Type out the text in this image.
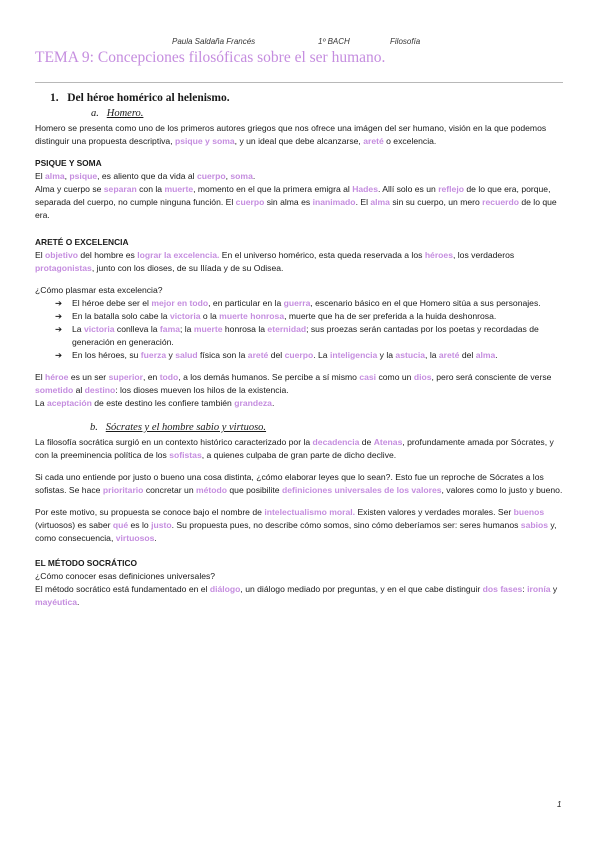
Paula Saldaña Francés	1º BACH	Filosofía
TEMA 9: Concepciones filosóficas sobre el ser humano.
1. Del héroe homérico al helenismo.
a. Homero.

Homero se presenta como uno de los primeros autores griegos que nos ofrece una imágen del ser humano, visión en la que podemos distinguir una propuesta descriptiva, psique y soma, y un ideal que debe alcanzarse, areté o excelencia.

PSIQUE Y SOMA

El alma, psique, es aliento que da vida al cuerpo, soma.

Alma y cuerpo se separan con la muerte, momento en el que la primera emigra al Hades. Allí solo es un reflejo de lo que era, porque, separada del cuerpo, no cumple ninguna función. El cuerpo sin alma es inanimado. El alma sin su cuerpo, un mero recuerdo de lo que era.

ARETÉ O EXCELENCIA

El objetivo del hombre es lograr la excelencia. En el universo homérico, esta queda reservada a los héroes, los verdaderos protagonistas, junto con los dioses, de su Ilíada y de su Odisea.

¿Cómo plasmar esta excelencia?

➔ El héroe debe ser el mejor en todo, en particular en la guerra, escenario básico en el que Homero sitúa a sus personajes.
➔ En la batalla solo cabe la victoria o la muerte honrosa, muerte que ha de ser preferida a la huida deshonrosa.
➔ La victoria conlleva la fama; la muerte honrosa la eternidad; sus proezas serán cantadas por los poetas y recordadas de generación en generación.
➔ En los héroes, su fuerza y salud física son la areté del cuerpo. La inteligencia y la astucia, la areté del alma.

El héroe es un ser superior, en todo, a los demás humanos. Se percibe a sí mismo casi como un dios, pero será consciente de verse sometido al destino: los dioses mueven los hilos de la existencia.

La aceptación de este destino les confiere también grandeza.

b. Sócrates y el hombre sabio y virtuoso.

La filosofía socrática surgió en un contexto histórico caracterizado por la decadencia de Atenas, profundamente amada por Sócrates, y con la preeminencia política de los sofistas, a quienes culpaba de gran parte de dicho declive.

Si cada uno entiende por justo o bueno una cosa distinta, ¿cómo elaborar leyes que lo sean?. Esto fue un reproche de Sócrates a los sofistas. Se hace prioritario concretar un método que posibilite definiciones universales de los valores, valores como lo justo y bueno.

Por este motivo, su propuesta se conoce bajo el nombre de intelectualismo moral. Existen valores y verdades morales. Ser buenos (virtuosos) es saber qué es lo justo. Su propuesta pues, no describe cómo somos, sino cómo deberíamos ser: seres humanos sabios y, como consecuencia, virtuosos.

EL MÉTODO SOCRÁTICO

¿Cómo conocer esas definiciones universales?

El método socrático está fundamentado en el diálogo, un diálogo mediado por preguntas, y en el que cabe distinguir dos fases: ironía y mayéutica.

1
